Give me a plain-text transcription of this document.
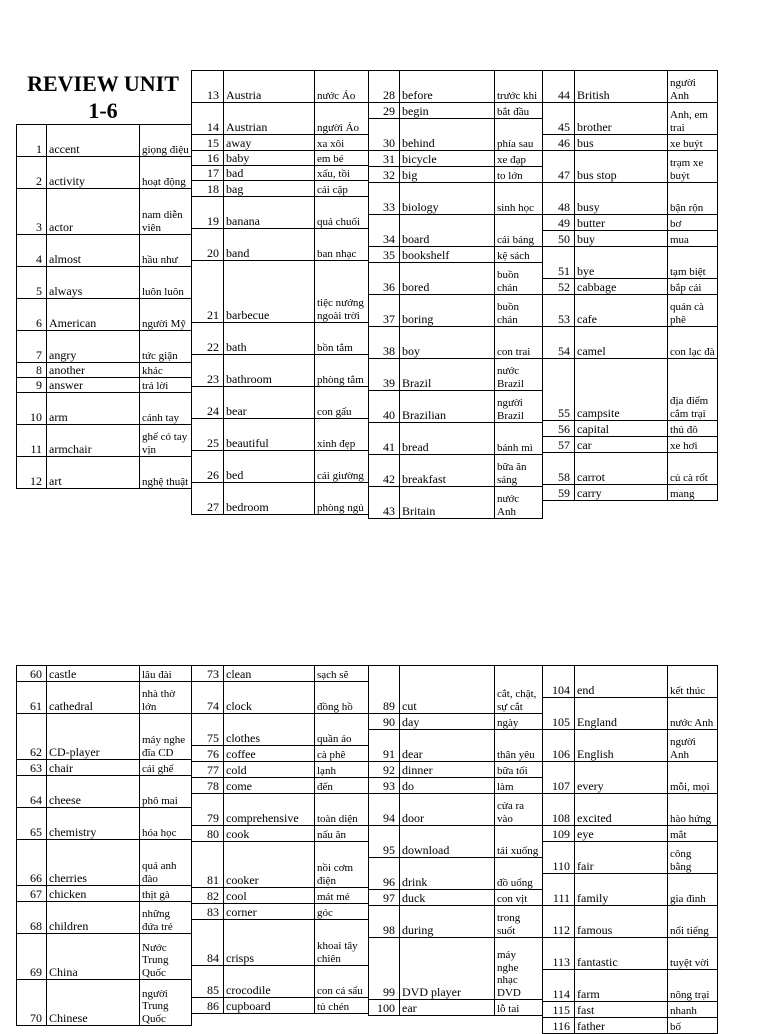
REVIEW UNIT
1-6
1	accent	giọng điệu
2	activity	hoạt động
3	actor	nam diễn viên
4	almost	hầu như
5	always	luôn luôn
6	American	người Mỹ
7	angry	tức giận
8	another	khác
9	answer	trả lời
10	arm	cánh tay
11	armchair	ghế có tay vịn
12	art	nghệ thuật
13	Austria	nước Áo
14	Austrian	người Áo
15	away	xa xôi
16	baby	em bé
17	bad	xấu, tồi
18	bag	cái cặp
19	banana	quả chuối
20	band	ban nhạc
21	barbecue	tiệc nướng ngoài trời
22	bath	bồn tắm
23	bathroom	phòng tắm
24	bear	con gấu
25	beautiful	xinh đẹp
26	bed	cái giường
27	bedroom	phòng ngủ
28	before	trước khi
29	begin	bắt đầu
30	behind	phía sau
31	bicycle	xe đạp
32	big	to lớn
33	biology	sinh học
34	board	cái bảng
35	bookshelf	kệ sách
36	bored	buồn chán
37	boring	buồn chán
38	boy	con trai
39	Brazil	nước Brazil
40	Brazilian	người Brazil
41	bread	bánh mì
42	breakfast	bữa ăn sáng
43	Britain	nước Anh
44	British	người Anh
45	brother	Anh, em trai
46	bus	xe buýt
47	bus stop	trạm xe buýt
48	busy	bận rộn
49	butter	bơ
50	buy	mua
51	bye	tạm biệt
52	cabbage	bắp cải
53	cafe	quán cà phê
54	camel	con lạc đà
55	campsite	địa điểm cắm trại
56	capital	thủ đô
57	car	xe hơi
58	carrot	củ cà rốt
59	carry	mang
60	castle	lâu đài
61	cathedral	nhà thờ lớn
62	CD-player	máy nghe đĩa CD
63	chair	cái ghế
64	cheese	phô mai
65	chemistry	hóa học
66	cherries	quả anh đào
67	chicken	thịt gà
68	children	những đứa trẻ
69	China	Nước Trung Quốc
70	Chinese	người Trung Quốc
73	clean	sạch sẽ
74	clock	đồng hồ
75	clothes	quần áo
76	coffee	cà phê
77	cold	lạnh
78	come	đến
79	comprehensive	toàn diện
80	cook	nấu ăn
81	cooker	nồi cơm điện
82	cool	mát mẻ
83	corner	góc
84	crisps	khoai tây chiên
85	crocodile	con cá sấu
86	cupboard	tủ chén
89	cut	cắt, chặt, sự cắt
90	day	ngày
91	dear	thân yêu
92	dinner	bữa tối
93	do	làm
94	door	cửa ra vào
95	download	tải xuống
96	drink	đồ uống
97	duck	con vịt
98	during	trong suốt
99	DVD player	máy nghe nhạc DVD
100	ear	lỗ tai
104	end	kết thúc
105	England	nước Anh
106	English	người Anh
107	every	mỗi, mọi
108	excited	hào hứng
109	eye	mắt
110	fair	công bằng
111	family	gia đình
112	famous	nổi tiếng
113	fantastic	tuyệt vời
114	farm	nông trại
115	fast	nhanh
116	father	bố
